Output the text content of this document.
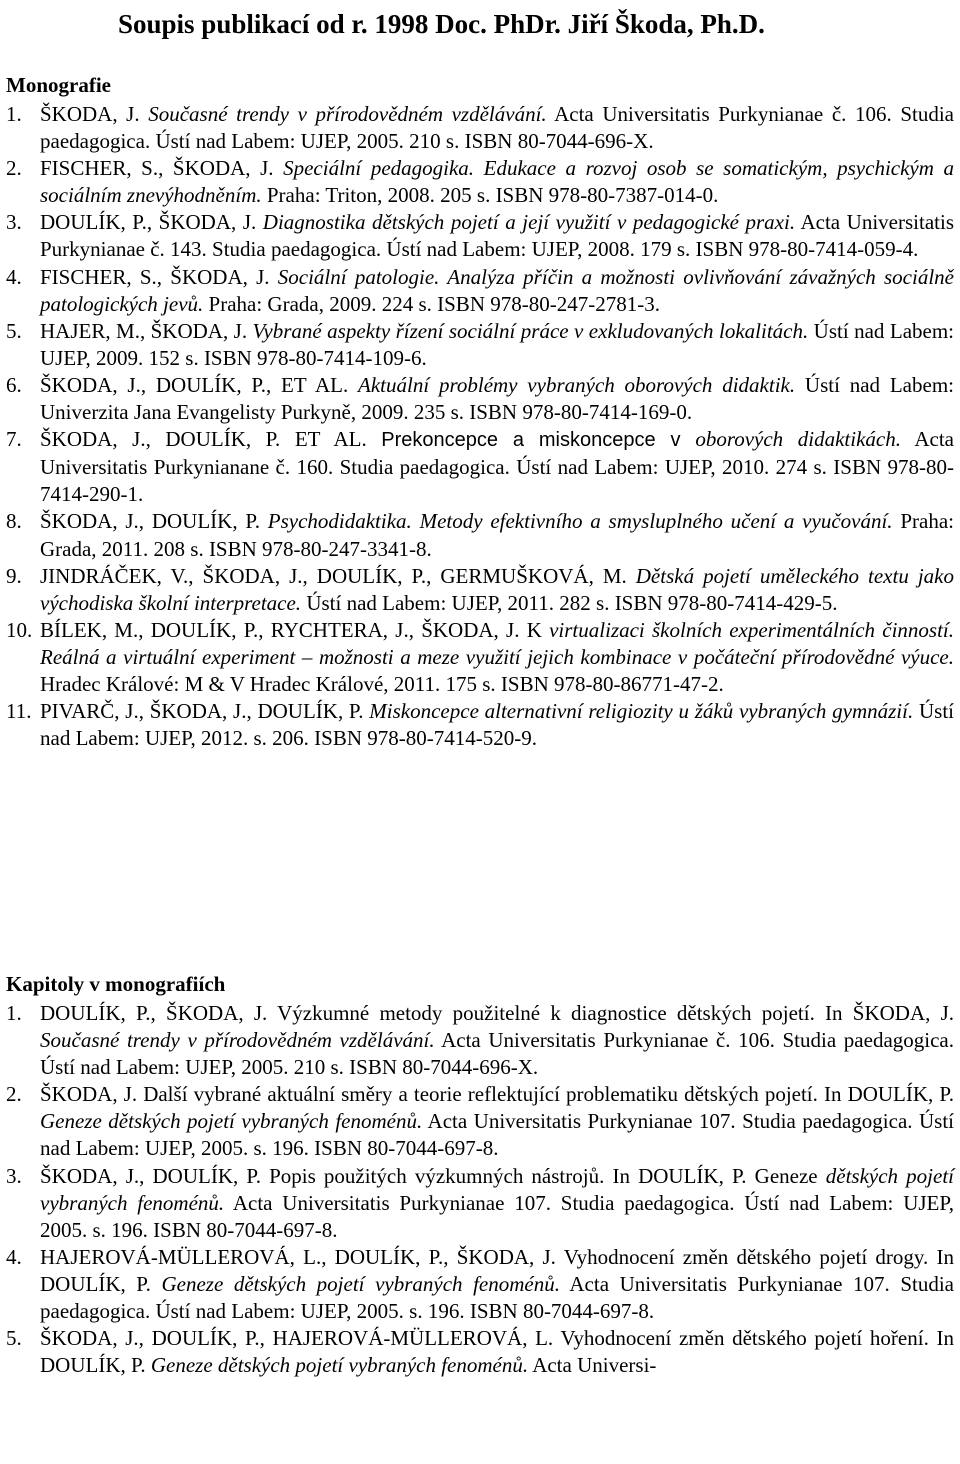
Soupis publikací od r. 1998 Doc. PhDr. Jiří Škoda, Ph.D.
Monografie
1. ŠKODA, J. Současné trendy v přírodovědném vzdělávání. Acta Universitatis Purkynianae č. 106. Studia paedagogica. Ústí nad Labem: UJEP, 2005. 210 s. ISBN 80-7044-696-X.
2. FISCHER, S., ŠKODA, J. Speciální pedagogika. Edukace a rozvoj osob se somatickým, psychickým a sociálním znevýhodněním. Praha: Triton, 2008. 205 s. ISBN 978-80-7387-014-0.
3. DOULÍK, P., ŠKODA, J. Diagnostika dětských pojetí a její využití v pedagogické praxi. Acta Universitatis Purkynianae č. 143. Studia paedagogica. Ústí nad Labem: UJEP, 2008. 179 s. ISBN 978-80-7414-059-4.
4. FISCHER, S., ŠKODA, J. Sociální patologie. Analýza příčin a možnosti ovlivňování závažných sociálně patologických jevů. Praha: Grada, 2009. 224 s. ISBN 978-80-247-2781-3.
5. HAJER, M., ŠKODA, J. Vybrané aspekty řízení sociální práce v exkludovaných lokalitách. Ústí nad Labem: UJEP, 2009. 152 s. ISBN 978-80-7414-109-6.
6. ŠKODA, J., DOULÍK, P., ET AL. Aktuální problémy vybraných oborových didaktik. Ústí nad Labem: Univerzita Jana Evangelisty Purkyně, 2009. 235 s. ISBN 978-80-7414-169-0.
7. ŠKODA, J., DOULÍK, P. ET AL. Prekoncepce a miskoncepce v oborových didaktikách. Acta Universitatis Purkynianane č. 160. Studia paedagogica. Ústí nad Labem: UJEP, 2010. 274 s. ISBN 978-80-7414-290-1.
8. ŠKODA, J., DOULÍK, P. Psychodidaktika. Metody efektivního a smysluplného učení a vyučování. Praha: Grada, 2011. 208 s. ISBN 978-80-247-3341-8.
9. JINDRÁČEK, V., ŠKODA, J., DOULÍK, P., GERMUŠKOVÁ, M. Dětská pojetí uměleckého textu jako východiska školní interpretace. Ústí nad Labem: UJEP, 2011. 282 s. ISBN 978-80-7414-429-5.
10. BÍLEK, M., DOULÍK, P., RYCHTERA, J., ŠKODA, J. K virtualizaci školních experimentálních činností. Reálná a virtuální experiment – možnosti a meze využití jejich kombinace v počáteční přírodovědné výuce. Hradec Králové: M & V Hradec Králové, 2011. 175 s. ISBN 978-80-86771-47-2.
11. PIVARČ, J., ŠKODA, J., DOULÍK, P. Miskoncepce alternativní religiozity u žáků vybraných gymnázií. Ústí nad Labem: UJEP, 2012. s. 206. ISBN 978-80-7414-520-9.
Kapitoly v monografiích
1. DOULÍK, P., ŠKODA, J. Výzkumné metody použitelné k diagnostice dětských pojetí. In ŠKODA, J. Současné trendy v přírodovědném vzdělávání. Acta Universitatis Purkynianae č. 106. Studia paedagogica. Ústí nad Labem: UJEP, 2005. 210 s. ISBN 80-7044-696-X.
2. ŠKODA, J. Další vybrané aktuální směry a teorie reflektující problematiku dětských pojetí. In DOULÍK, P. Geneze dětských pojetí vybraných fenoménů. Acta Universitatis Purkynianae 107. Studia paedagogica. Ústí nad Labem: UJEP, 2005. s. 196. ISBN 80-7044-697-8.
3. ŠKODA, J., DOULÍK, P. Popis použitých výzkumných nástrojů. In DOULÍK, P. Geneze dětských pojetí vybraných fenoménů. Acta Universitatis Purkynianae 107. Studia paedagogica. Ústí nad Labem: UJEP, 2005. s. 196. ISBN 80-7044-697-8.
4. HAJEROVÁ-MÜLLEROVÁ, L., DOULÍK, P., ŠKODA, J. Vyhodnocení změn dětského pojetí drogy. In DOULÍK, P. Geneze dětských pojetí vybraných fenoménů. Acta Universitatis Purkynianae 107. Studia paedagogica. Ústí nad Labem: UJEP, 2005. s. 196. ISBN 80-7044-697-8.
5. ŠKODA, J., DOULÍK, P., HAJEROVÁ-MÜLLEROVÁ, L. Vyhodnocení změn dětského pojetí hoření. In DOULÍK, P. Geneze dětských pojetí vybraných fenoménů. Acta Universi-
